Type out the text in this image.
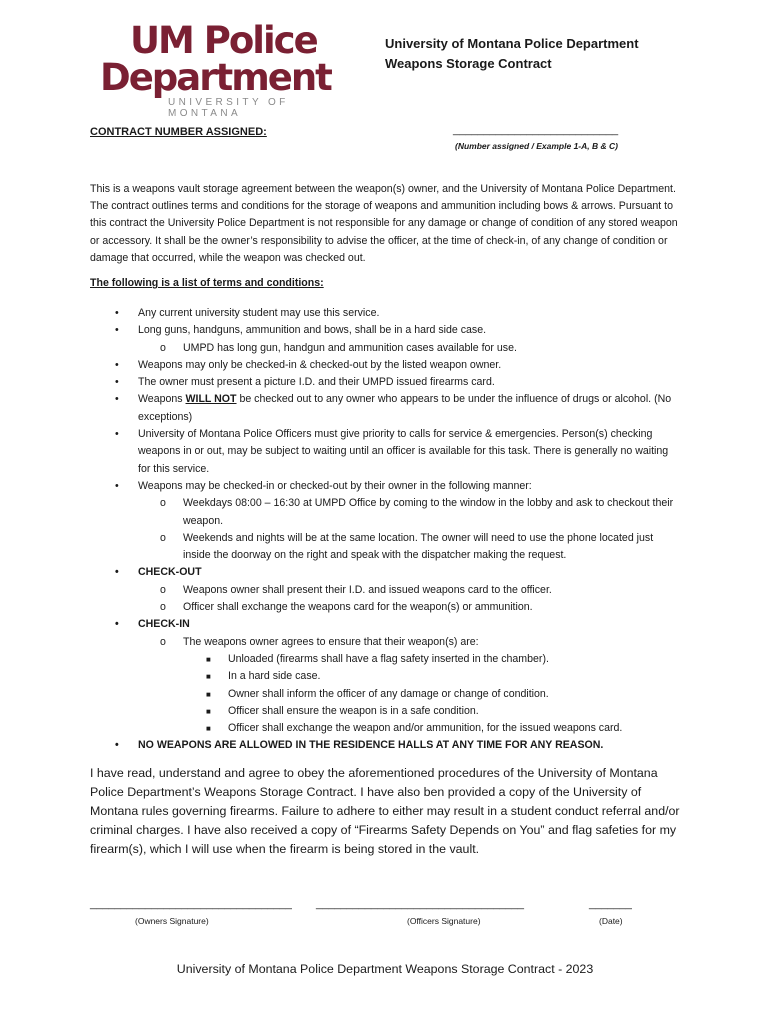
UM Police
Department
UNIVERSITY OF MONTANA
University of Montana Police Department
Weapons Storage Contract
CONTRACT NUMBER ASSIGNED:	___________________________
(Number assigned / Example 1-A, B & C)
This is a weapons vault storage agreement between the weapon(s) owner, and the University of Montana Police Department. The contract outlines terms and conditions for the storage of weapons and ammunition including bows & arrows. Pursuant to this contract the University Police Department is not responsible for any damage or change of condition of any stored weapon or accessory. It shall be the owner’s responsibility to advise the officer, at the time of check-in, of any change of condition or damage that occurred, while the weapon was checked out.
The following is a list of terms and conditions:
• Any current university student may use this service.
• Long guns, handguns, ammunition and bows, shall be in a hard side case.
o UMPD has long gun, handgun and ammunition cases available for use.
• Weapons may only be checked-in & checked-out by the listed weapon owner.
• The owner must present a picture I.D. and their UMPD issued firearms card.
• Weapons WILL NOT be checked out to any owner who appears to be under the influence of drugs or alcohol. (No exceptions)
• University of Montana Police Officers must give priority to calls for service & emergencies. Person(s) checking weapons in or out, may be subject to waiting until an officer is available for this task. There is generally no waiting for this service.
• Weapons may be checked-in or checked-out by their owner in the following manner:
o Weekdays 08:00 – 16:30 at UMPD Office by coming to the window in the lobby and ask to checkout their weapon.
o Weekends and nights will be at the same location. The owner will need to use the phone located just inside the doorway on the right and speak with the dispatcher making the request.
• CHECK-OUT
o Weapons owner shall present their I.D. and issued weapons card to the officer.
o Officer shall exchange the weapons card for the weapon(s) or ammunition.
• CHECK-IN
o The weapons owner agrees to ensure that their weapon(s) are:
■ Unloaded (firearms shall have a flag safety inserted in the chamber).
■ In a hard side case.
■ Owner shall inform the officer of any damage or change of condition.
■ Officer shall ensure the weapon is in a safe condition.
■ Officer shall exchange the weapon and/or ammunition, for the issued weapons card.
• NO WEAPONS ARE ALLOWED IN THE RESIDENCE HALLS AT ANY TIME FOR ANY REASON.
I have read, understand and agree to obey the aforementioned procedures of the University of Montana Police Department’s Weapons Storage Contract. I have also ben provided a copy of the University of Montana rules governing firearms. Failure to adhere to either may result in a student conduct referral and/or criminal charges. I have also received a copy of “Firearms Safety Depends on You” and flag safeties for my firearm(s), which I will use when the firearm is being stored in the vault.
_________________________________
(Owners Signature)
__________________________________
(Officers Signature)
_______
(Date)
University of Montana Police Department Weapons Storage Contract - 2023
